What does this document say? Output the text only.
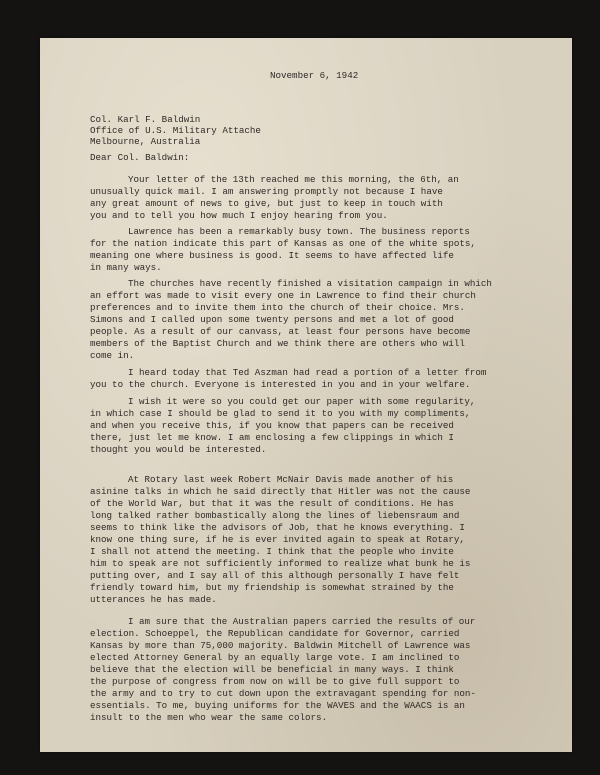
November 6, 1942
Col. Karl F. Baldwin
Office of U.S. Military Attache
Melbourne, Australia
Dear Col. Baldwin:
Your letter of the 13th reached me this morning, the 6th, an
unusually quick mail. I am answering promptly not because I have
any great amount of news to give, but just to keep in touch with
you and to tell you how much I enjoy hearing from you.
Lawrence has been a remarkably busy town. The business reports
for the nation indicate this part of Kansas as one of the white spots,
meaning one where business is good. It seems to have affected life
in many ways.
The churches have recently finished a visitation campaign in which
an effort was made to visit every one in Lawrence to find their church
preferences and to invite them into the church of their choice. Mrs.
Simons and I called upon some twenty persons and met a lot of good
people. As a result of our canvass, at least four persons have become
members of the Baptist Church and we think there are others who will
come in.
I heard today that Ted Aszman had read a portion of a letter from
you to the church. Everyone is interested in you and in your welfare.
I wish it were so you could get our paper with some regularity,
in which case I should be glad to send it to you with my compliments,
and when you receive this, if you know that papers can be received
there, just let me know. I am enclosing a few clippings in which I
thought you would be interested.
At Rotary last week Robert McNair Davis made another of his
asinine talks in which he said directly that Hitler was not the cause
of the World War, but that it was the result of conditions. He has
long talked rather bombastically along the lines of liebensraum and
seems to think like the advisors of Job, that he knows everything. I
know one thing sure, if he is ever invited again to speak at Rotary,
I shall not attend the meeting. I think that the people who invite
him to speak are not sufficiently informed to realize what bunk he is
putting over, and I say all of this although personally I have felt
friendly toward him, but my friendship is somewhat strained by the
utterances he has made.
I am sure that the Australian papers carried the results of our
election. Schoeppel, the Republican candidate for Governor, carried
Kansas by more than 75,000 majority. Baldwin Mitchell of Lawrence was
elected Attorney General by an equally large vote. I am inclined to
believe that the election will be beneficial in many ways. I think
the purpose of congress from now on will be to give full support to
the army and to try to cut down upon the extravagant spending for non-
essentials. To me, buying uniforms for the WAVES and the WAACS is an
insult to the men who wear the same colors.
